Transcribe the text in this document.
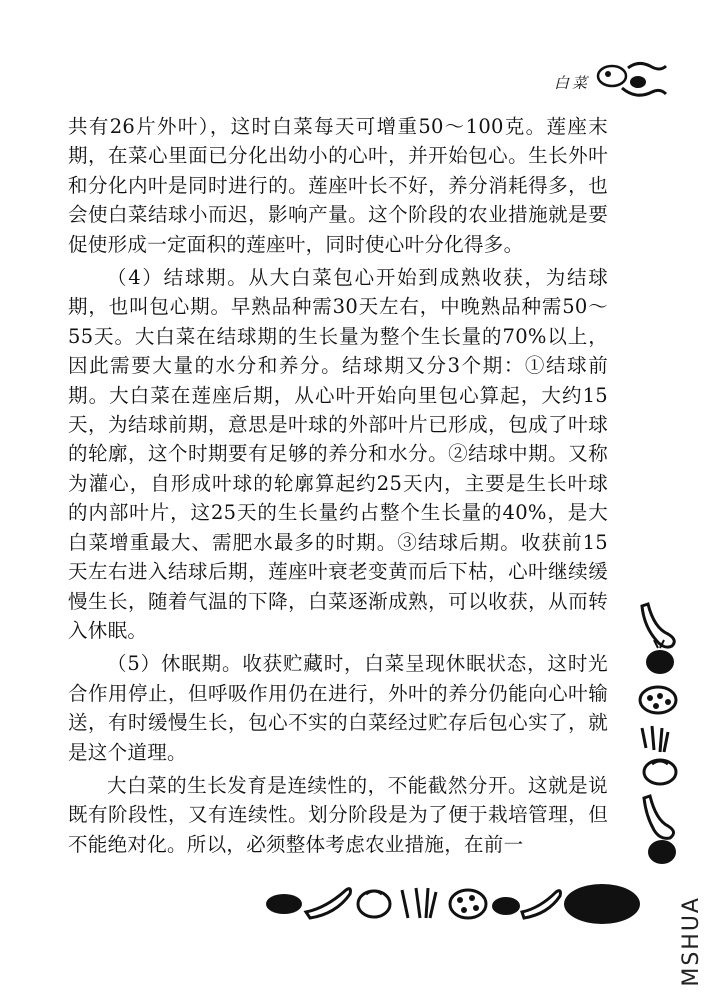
白菜

共有26片外叶），这时白菜每天可增重50～100克。莲座末期，在菜心里面已分化出幼小的心叶，并开始包心。生长外叶和分化内叶是同时进行的。莲座叶长不好，养分消耗得多，也会使白菜结球小而迟，影响产量。这个阶段的农业措施就是要促使形成一定面积的莲座叶，同时使心叶分化得多。

（4）结球期。从大白菜包心开始到成熟收获，为结球期，也叫包心期。早熟品种需30天左右，中晚熟品种需50～55天。大白菜在结球期的生长量为整个生长量的70%以上，因此需要大量的水分和养分。结球期又分3个期：①结球前期。大白菜在莲座后期，从心叶开始向里包心算起，大约15天，为结球前期，意思是叶球的外部叶片已形成，包成了叶球的轮廓，这个时期要有足够的养分和水分。②结球中期。又称为灌心，自形成叶球的轮廓算起约25天内，主要是生长叶球的内部叶片，这25天的生长量约占整个生长量的40%，是大白菜增重最大、需肥水最多的时期。③结球后期。收获前15天左右进入结球后期，莲座叶衰老变黄而后下枯，心叶继续缓慢生长，随着气温的下降，白菜逐渐成熟，可以收获，从而转入休眠。

（5）休眠期。收获贮藏时，白菜呈现休眠状态，这时光合作用停止，但呼吸作用仍在进行，外叶的养分仍能向心叶输送，有时缓慢生长，包心不实的白菜经过贮存后包心实了，就是这个道理。

大白菜的生长发育是连续性的，不能截然分开。这就是说既有阶段性，又有连续性。划分阶段是为了便于栽培管理，但不能绝对化。所以，必须整体考虑农业措施，在前一

MSHUA
